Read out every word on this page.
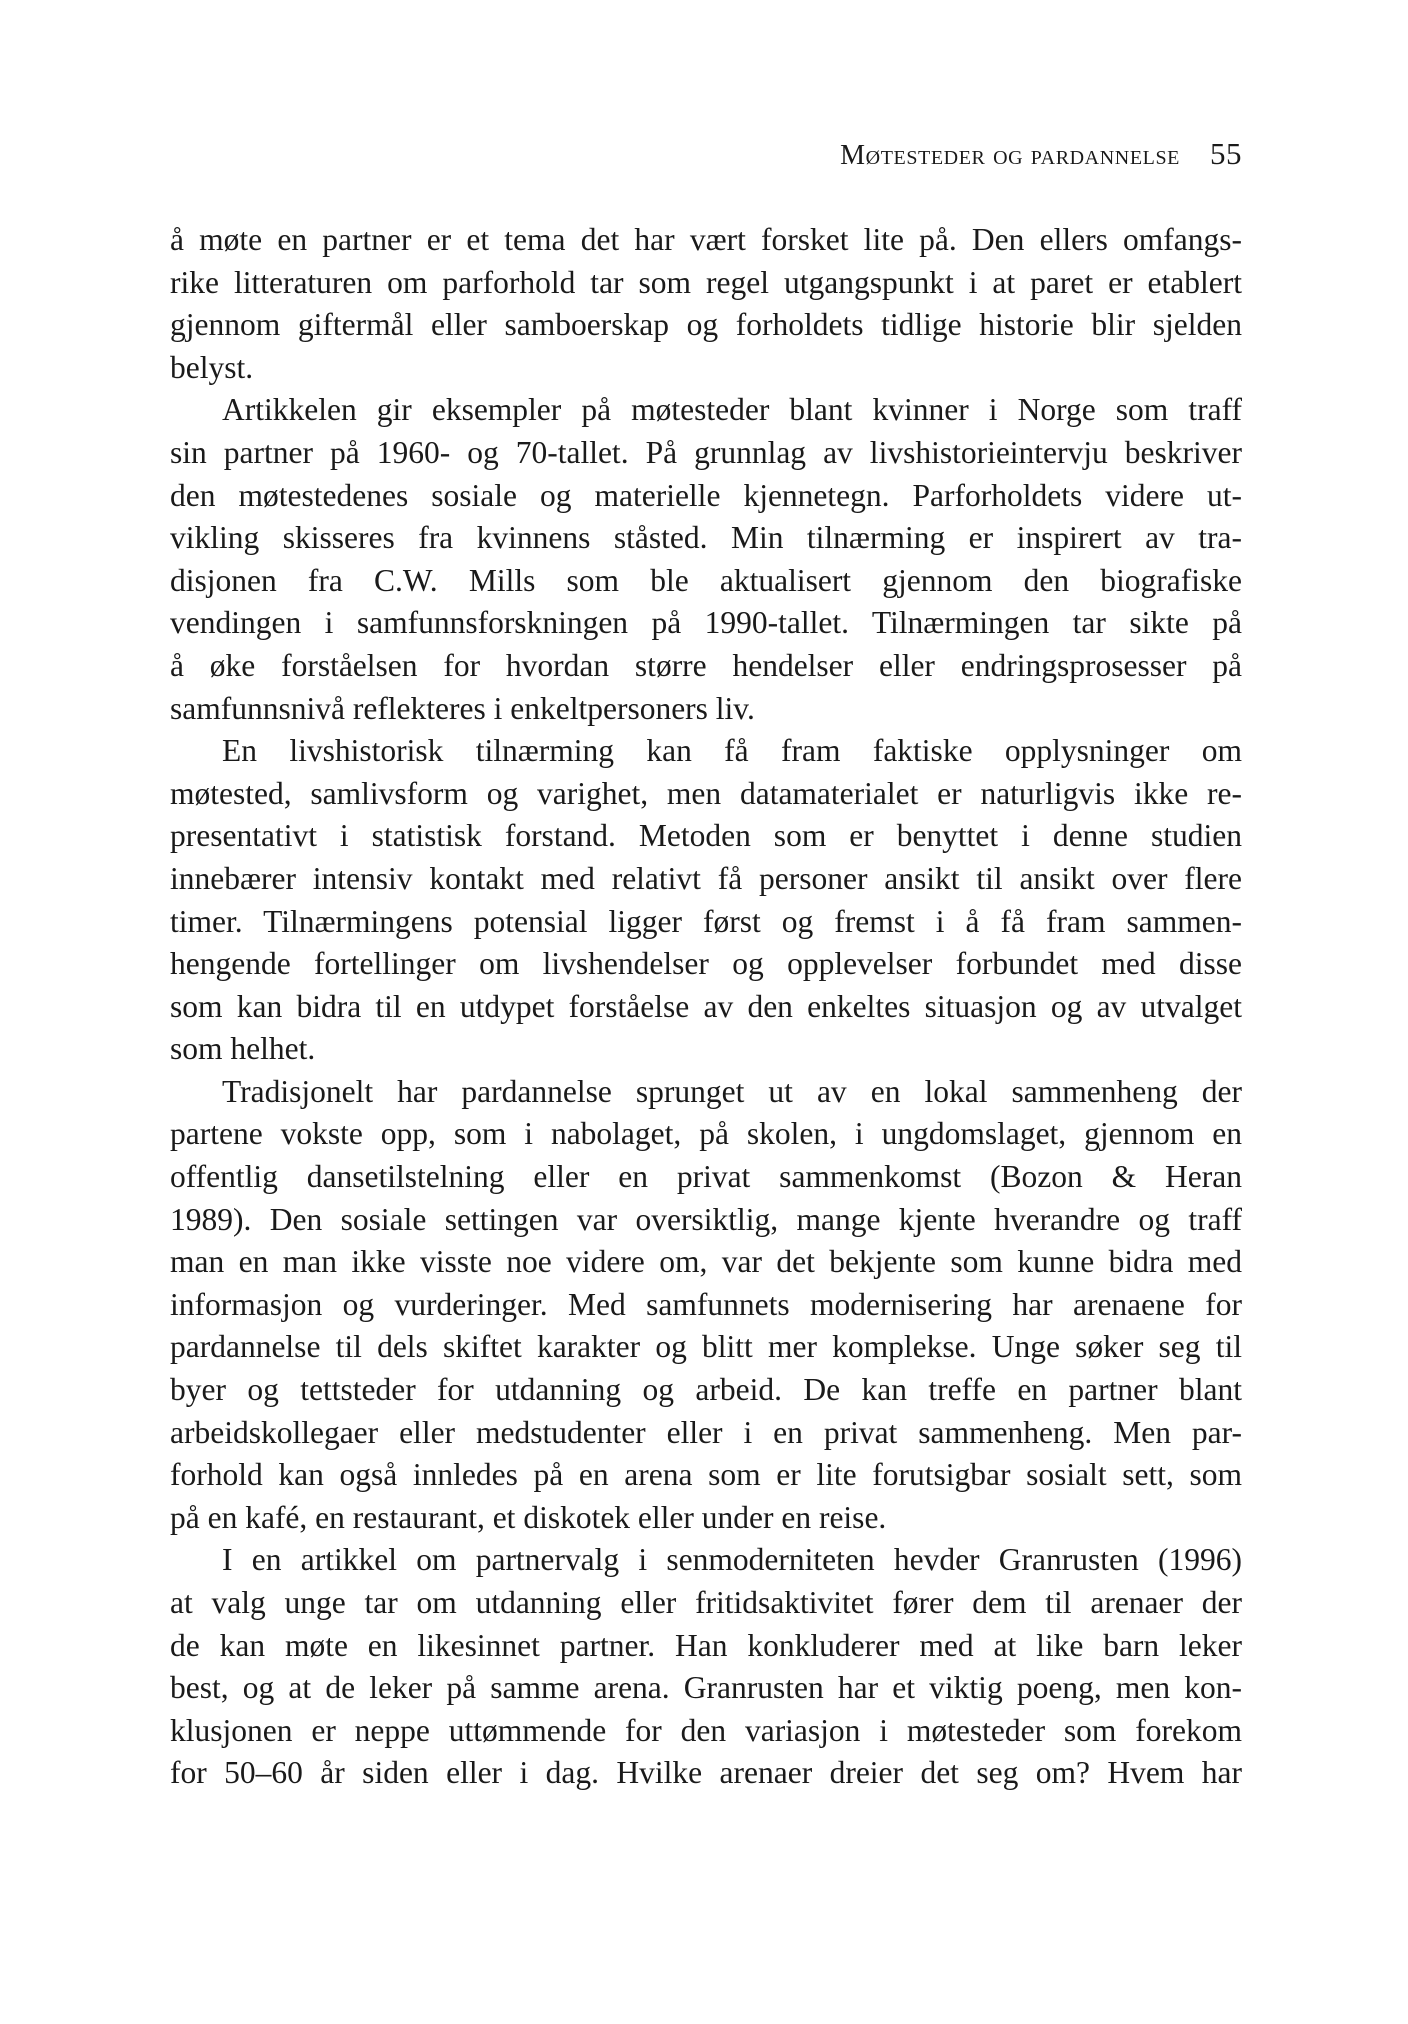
Møtesteder og pardannelse 55
å møte en partner er et tema det har vært forsket lite på. Den ellers omfangs-
rike litteraturen om parforhold tar som regel utgangspunkt i at paret er etablert
gjennom giftermål eller samboerskap og forholdets tidlige historie blir sjelden
belyst.
Artikkelen gir eksempler på møtesteder blant kvinner i Norge som traff
sin partner på 1960- og 70-tallet. På grunnlag av livshistorieintervju beskriver
den møtestedenes sosiale og materielle kjennetegn. Parforholdets videre ut-
vikling skisseres fra kvinnens ståsted. Min tilnærming er inspirert av tra-
disjonen fra C.W. Mills som ble aktualisert gjennom den biografiske
vendingen i samfunnsforskningen på 1990-tallet. Tilnærmingen tar sikte på
å øke forståelsen for hvordan større hendelser eller endringsprosesser på
samfunnsnivå reflekteres i enkeltpersoners liv.
En livshistorisk tilnærming kan få fram faktiske opplysninger om
møtested, samlivsform og varighet, men datamaterialet er naturligvis ikke re-
presentativt i statistisk forstand. Metoden som er benyttet i denne studien
innebærer intensiv kontakt med relativt få personer ansikt til ansikt over flere
timer. Tilnærmingens potensial ligger først og fremst i å få fram sammen-
hengende fortellinger om livshendelser og opplevelser forbundet med disse
som kan bidra til en utdypet forståelse av den enkeltes situasjon og av utvalget
som helhet.
Tradisjonelt har pardannelse sprunget ut av en lokal sammenheng der
partene vokste opp, som i nabolaget, på skolen, i ungdomslaget, gjennom en
offentlig dansetilstelning eller en privat sammenkomst (Bozon & Heran
1989). Den sosiale settingen var oversiktlig, mange kjente hverandre og traff
man en man ikke visste noe videre om, var det bekjente som kunne bidra med
informasjon og vurderinger. Med samfunnets modernisering har arenaene for
pardannelse til dels skiftet karakter og blitt mer komplekse. Unge søker seg til
byer og tettsteder for utdanning og arbeid. De kan treffe en partner blant
arbeidskollegaer eller medstudenter eller i en privat sammenheng. Men par-
forhold kan også innledes på en arena som er lite forutsigbar sosialt sett, som
på en kafé, en restaurant, et diskotek eller under en reise.
I en artikkel om partnervalg i senmoderniteten hevder Granrusten (1996)
at valg unge tar om utdanning eller fritidsaktivitet fører dem til arenaer der
de kan møte en likesinnet partner. Han konkluderer med at like barn leker
best, og at de leker på samme arena. Granrusten har et viktig poeng, men kon-
klusjonen er neppe uttømmende for den variasjon i møtesteder som forekom
for 50–60 år siden eller i dag. Hvilke arenaer dreier det seg om? Hvem har
